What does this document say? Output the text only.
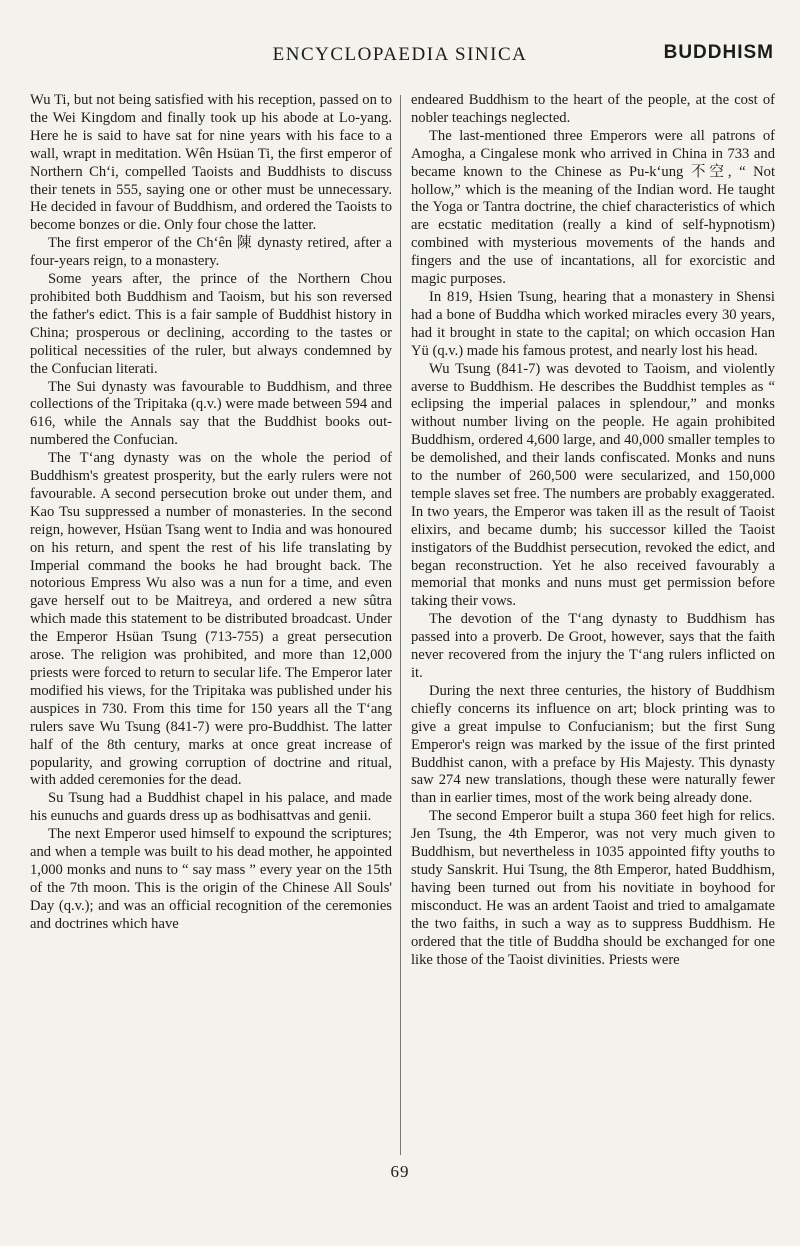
ENCYCLOPAEDIA SINICA	BUDDHISM

Wu Ti, but not being satisfied with his reception, passed on to the Wei Kingdom and finally took up his abode at Lo-yang. Here he is said to have sat for nine years with his face to a wall, wrapt in meditation. Wên Hsüan Ti, the first emperor of Northern Ch‘i, compelled Taoists and Buddhists to discuss their tenets in 555, saying one or other must be unnecessary. He decided in favour of Buddhism, and ordered the Taoists to become bonzes or die. Only four chose the latter.

The first emperor of the Ch‘ên 陳 dynasty retired, after a four-years reign, to a monastery.

Some years after, the prince of the Northern Chou prohibited both Buddhism and Taoism, but his son reversed the father's edict. This is a fair sample of Buddhist history in China; prosperous or declining, according to the tastes or political necessities of the ruler, but always condemned by the Confucian literati.

The Sui dynasty was favourable to Buddhism, and three collections of the Tripitaka (q.v.) were made between 594 and 616, while the Annals say that the Buddhist books out-numbered the Confucian.

The T‘ang dynasty was on the whole the period of Buddhism's greatest prosperity, but the early rulers were not favourable. A second persecution broke out under them, and Kao Tsu suppressed a number of monasteries. In the second reign, however, Hsüan Tsang went to India and was honoured on his return, and spent the rest of his life translating by Imperial command the books he had brought back. The notorious Empress Wu also was a nun for a time, and even gave herself out to be Maitreya, and ordered a new sûtra which made this statement to be distributed broadcast. Under the Emperor Hsüan Tsung (713-755) a great persecution arose. The religion was prohibited, and more than 12,000 priests were forced to return to secular life. The Emperor later modified his views, for the Tripitaka was published under his auspices in 730. From this time for 150 years all the T‘ang rulers save Wu Tsung (841-7) were pro-Buddhist. The latter half of the 8th century, marks at once great increase of popularity, and growing corruption of doctrine and ritual, with added ceremonies for the dead.

Su Tsung had a Buddhist chapel in his palace, and made his eunuchs and guards dress up as bodhisattvas and genii.

The next Emperor used himself to expound the scriptures; and when a temple was built to his dead mother, he appointed 1,000 monks and nuns to “ say mass ” every year on the 15th of the 7th moon. This is the origin of the Chinese All Souls' Day (q.v.); and was an official recognition of the ceremonies and doctrines which have

endeared Buddhism to the heart of the people, at the cost of nobler teachings neglected.

The last-mentioned three Emperors were all patrons of Amogha, a Cingalese monk who arrived in China in 733 and became known to the Chinese as Pu-k‘ung 不空, “ Not hollow,” which is the meaning of the Indian word. He taught the Yoga or Tantra doctrine, the chief characteristics of which are ecstatic meditation (really a kind of self-hypnotism) combined with mysterious movements of the hands and fingers and the use of incantations, all for exorcistic and magic purposes.

In 819, Hsien Tsung, hearing that a monastery in Shensi had a bone of Buddha which worked miracles every 30 years, had it brought in state to the capital; on which occasion Han Yü (q.v.) made his famous protest, and nearly lost his head.

Wu Tsung (841-7) was devoted to Taoism, and violently averse to Buddhism. He describes the Buddhist temples as “ eclipsing the imperial palaces in splendour,” and monks without number living on the people. He again prohibited Buddhism, ordered 4,600 large, and 40,000 smaller temples to be demolished, and their lands confiscated. Monks and nuns to the number of 260,500 were secularized, and 150,000 temple slaves set free. The numbers are probably exaggerated. In two years, the Emperor was taken ill as the result of Taoist elixirs, and became dumb; his successor killed the Taoist instigators of the Buddhist persecution, revoked the edict, and began reconstruction. Yet he also received favourably a memorial that monks and nuns must get permission before taking their vows.

The devotion of the T‘ang dynasty to Buddhism has passed into a proverb. De Groot, however, says that the faith never recovered from the injury the T‘ang rulers inflicted on it.

During the next three centuries, the history of Buddhism chiefly concerns its influence on art; block printing was to give a great impulse to Confucianism; but the first Sung Emperor's reign was marked by the issue of the first printed Buddhist canon, with a preface by His Majesty. This dynasty saw 274 new translations, though these were naturally fewer than in earlier times, most of the work being already done.

The second Emperor built a stupa 360 feet high for relics. Jen Tsung, the 4th Emperor, was not very much given to Buddhism, but nevertheless in 1035 appointed fifty youths to study Sanskrit. Hui Tsung, the 8th Emperor, hated Buddhism, having been turned out from his novitiate in boyhood for misconduct. He was an ardent Taoist and tried to amalgamate the two faiths, in such a way as to suppress Buddhism. He ordered that the title of Buddha should be exchanged for one like those of the Taoist divinities. Priests were

69
